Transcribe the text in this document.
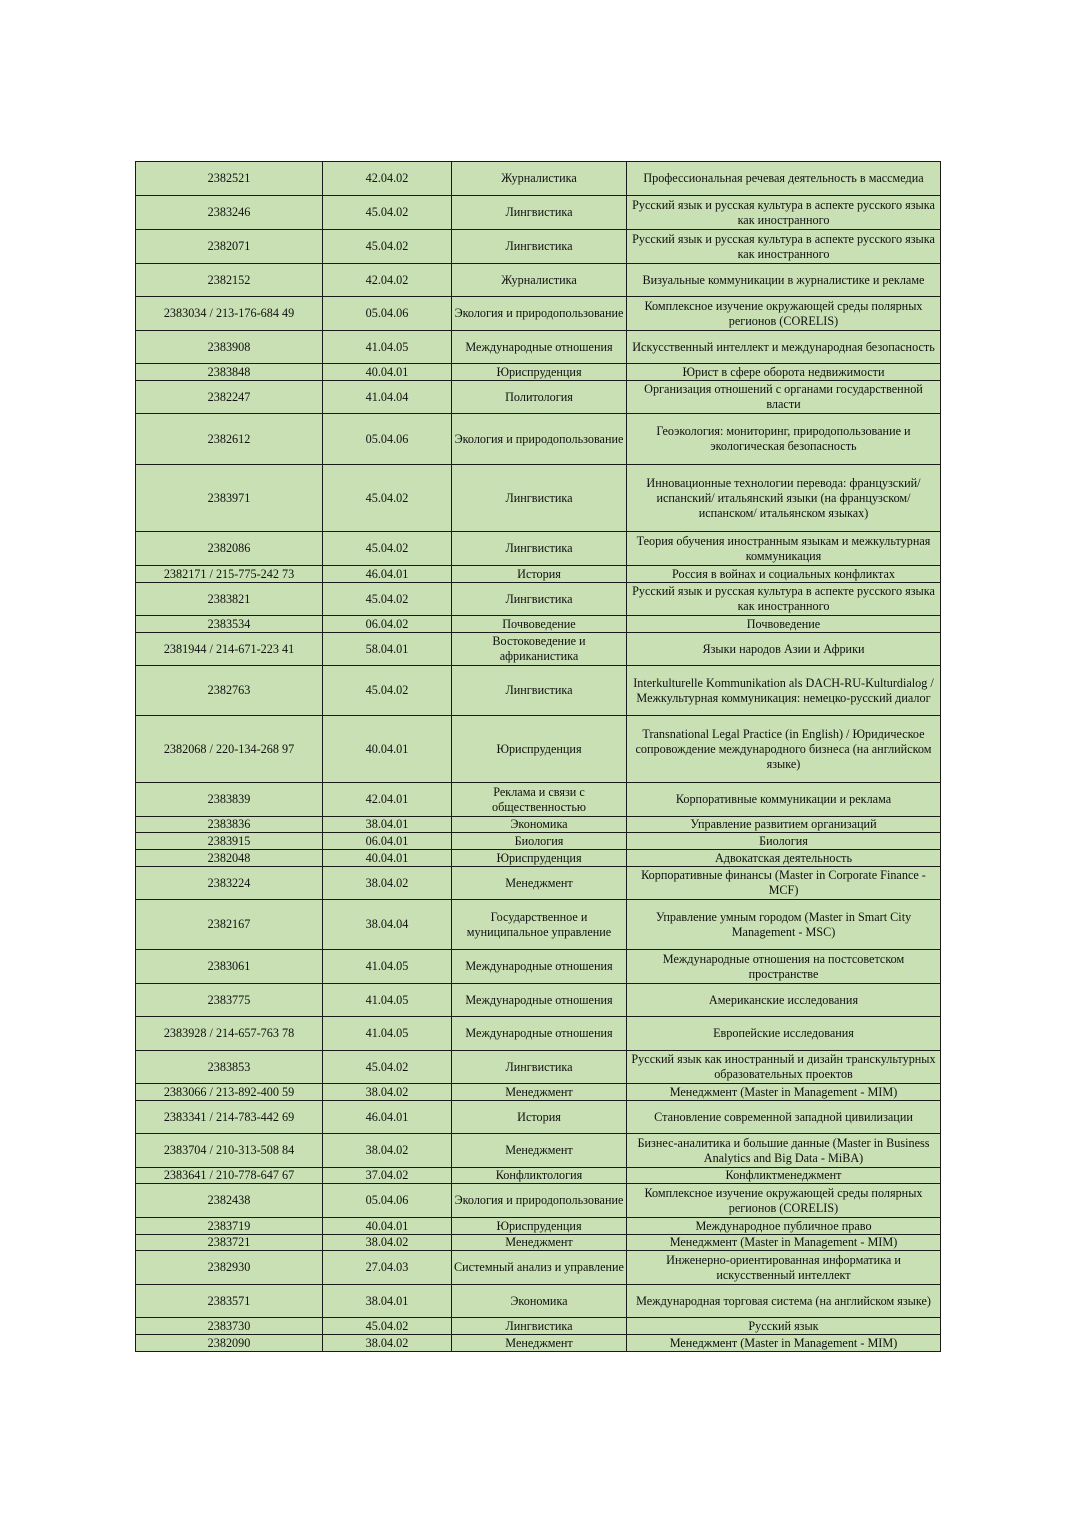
2382521	42.04.02	Журналистика	Профессиональная речевая деятельность в массмедиа
2383246	45.04.02	Лингвистика	Русский язык и русская культура в аспекте русского языка как иностранного
2382071	45.04.02	Лингвистика	Русский язык и русская культура в аспекте русского языка как иностранного
2382152	42.04.02	Журналистика	Визуальные коммуникации в журналистике и рекламе
2383034 / 213-176-684 49	05.04.06	Экология и природопользование	Комплексное изучение окружающей среды полярных регионов (CORELIS)
2383908	41.04.05	Международные отношения	Искусственный интеллект и международная безопасность
2383848	40.04.01	Юриспруденция	Юрист в сфере оборота недвижимости
2382247	41.04.04	Политология	Организация отношений с органами государственной власти
2382612	05.04.06	Экология и природопользование	Геоэкология: мониторинг, природопользование и экологическая безопасность
2383971	45.04.02	Лингвистика	Инновационные технологии перевода: французский/ испанский/ итальянский языки (на французском/ испанском/ итальянском языках)
2382086	45.04.02	Лингвистика	Теория обучения иностранным языкам и межкультурная коммуникация
2382171 / 215-775-242 73	46.04.01	История	Россия в войнах и социальных конфликтах
2383821	45.04.02	Лингвистика	Русский язык и русская культура в аспекте русского языка как иностранного
2383534	06.04.02	Почвоведение	Почвоведение
2381944 / 214-671-223 41	58.04.01	Востоковедение и африканистика	Языки народов Азии и Африки
2382763	45.04.02	Лингвистика	Interkulturelle Kommunikation als DACH-RU-Kulturdialog / Межкультурная коммуникация: немецко-русский диалог
2382068 / 220-134-268 97	40.04.01	Юриспруденция	Transnational Legal Practice (in English) / Юридическое сопровождение международного бизнеса (на английском языке)
2383839	42.04.01	Реклама и связи с общественностью	Корпоративные коммуникации и реклама
2383836	38.04.01	Экономика	Управление развитием организаций
2383915	06.04.01	Биология	Биология
2382048	40.04.01	Юриспруденция	Адвокатская деятельность
2383224	38.04.02	Менеджмент	Корпоративные финансы (Master in Corporate Finance - MCF)
2382167	38.04.04	Государственное и муниципальное управление	Управление умным городом (Master in Smart City Management - MSC)
2383061	41.04.05	Международные отношения	Международные отношения на постсоветском пространстве
2383775	41.04.05	Международные отношения	Американские исследования
2383928 / 214-657-763 78	41.04.05	Международные отношения	Европейские исследования
2383853	45.04.02	Лингвистика	Русский язык как иностранный и дизайн транскультурных образовательных проектов
2383066 / 213-892-400 59	38.04.02	Менеджмент	Менеджмент (Master in Management - MIM)
2383341 / 214-783-442 69	46.04.01	История	Становление современной западной цивилизации
2383704 / 210-313-508 84	38.04.02	Менеджмент	Бизнес-аналитика и большие данные (Master in Business Analytics and Big Data - MiBA)
2383641 / 210-778-647 67	37.04.02	Конфликтология	Конфликтменеджмент
2382438	05.04.06	Экология и природопользование	Комплексное изучение окружающей среды полярных регионов (CORELIS)
2383719	40.04.01	Юриспруденция	Международное публичное право
2383721	38.04.02	Менеджмент	Менеджмент (Master in Management - MIM)
2382930	27.04.03	Системный анализ и управление	Инженерно-ориентированная информатика и искусственный интеллект
2383571	38.04.01	Экономика	Международная торговая система (на английском языке)
2383730	45.04.02	Лингвистика	Русский язык
2382090	38.04.02	Менеджмент	Менеджмент (Master in Management - MIM)
